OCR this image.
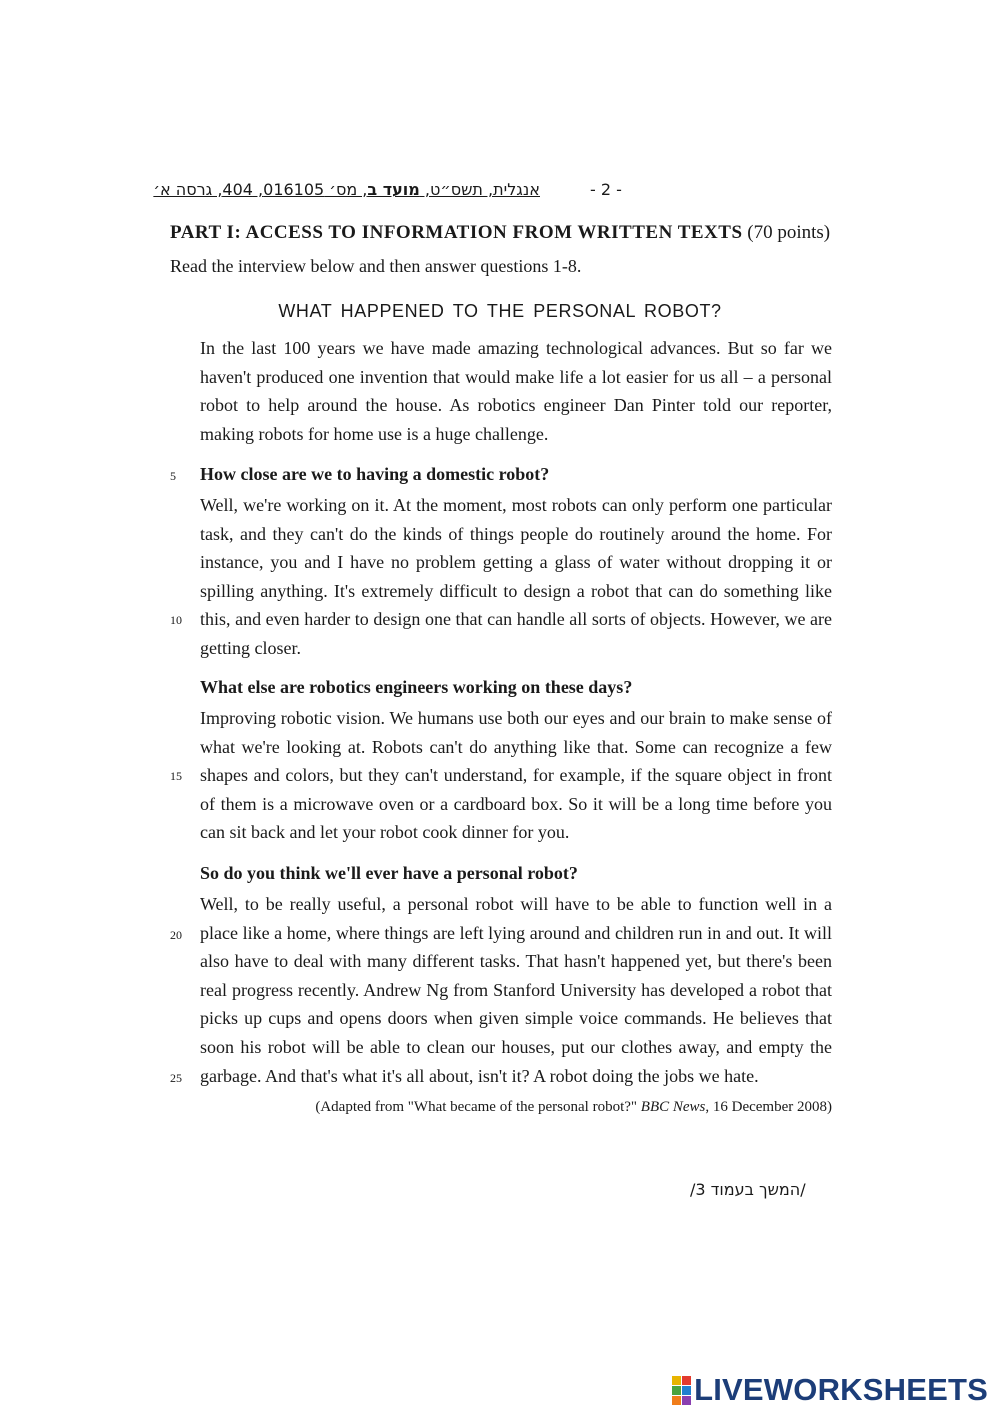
אנגלית, תשס״ט, מועד ב, מס׳ 016105, 404, גרסה א׳	- 2 -
PART I: ACCESS TO INFORMATION FROM WRITTEN TEXTS (70 points)
Read the interview below and then answer questions 1-8.
WHAT HAPPENED TO THE PERSONAL ROBOT?
In the last 100 years we have made amazing technological advances. But so far we haven't produced one invention that would make life a lot easier for us all – a personal robot to help around the house. As robotics engineer Dan Pinter told our reporter, making robots for home use is a huge challenge.
5 How close are we to having a domestic robot?
Well, we're working on it. At the moment, most robots can only perform one particular task, and they can't do the kinds of things people do routinely around the home. For instance, you and I have no problem getting a glass of water without dropping it or spilling anything. It's extremely difficult to design a robot that can do something like this, and even harder to design one that can handle all sorts of objects. However, we are getting closer.
10
What else are robotics engineers working on these days?
Improving robotic vision. We humans use both our eyes and our brain to make sense of what we're looking at. Robots can't do anything like that. Some can recognize a few shapes and colors, but they can't understand, for example, if the square object in front of them is a microwave oven or a cardboard box. So it will be a long time before you can sit back and let your robot cook dinner for you.
15
So do you think we'll ever have a personal robot?
Well, to be really useful, a personal robot will have to be able to function well in a place like a home, where things are left lying around and children run in and out. It will also have to deal with many different tasks. That hasn't happened yet, but there's been real progress recently. Andrew Ng from Stanford University has developed a robot that picks up cups and opens doors when given simple voice commands. He believes that soon his robot will be able to clean our houses, put our clothes away, and empty the garbage. And that's what it's all about, isn't it? A robot doing the jobs we hate.
20
25
(Adapted from "What became of the personal robot?" BBC News, 16 December 2008)
/המשך בעמוד 3/
LIVEWORKSHEETS
